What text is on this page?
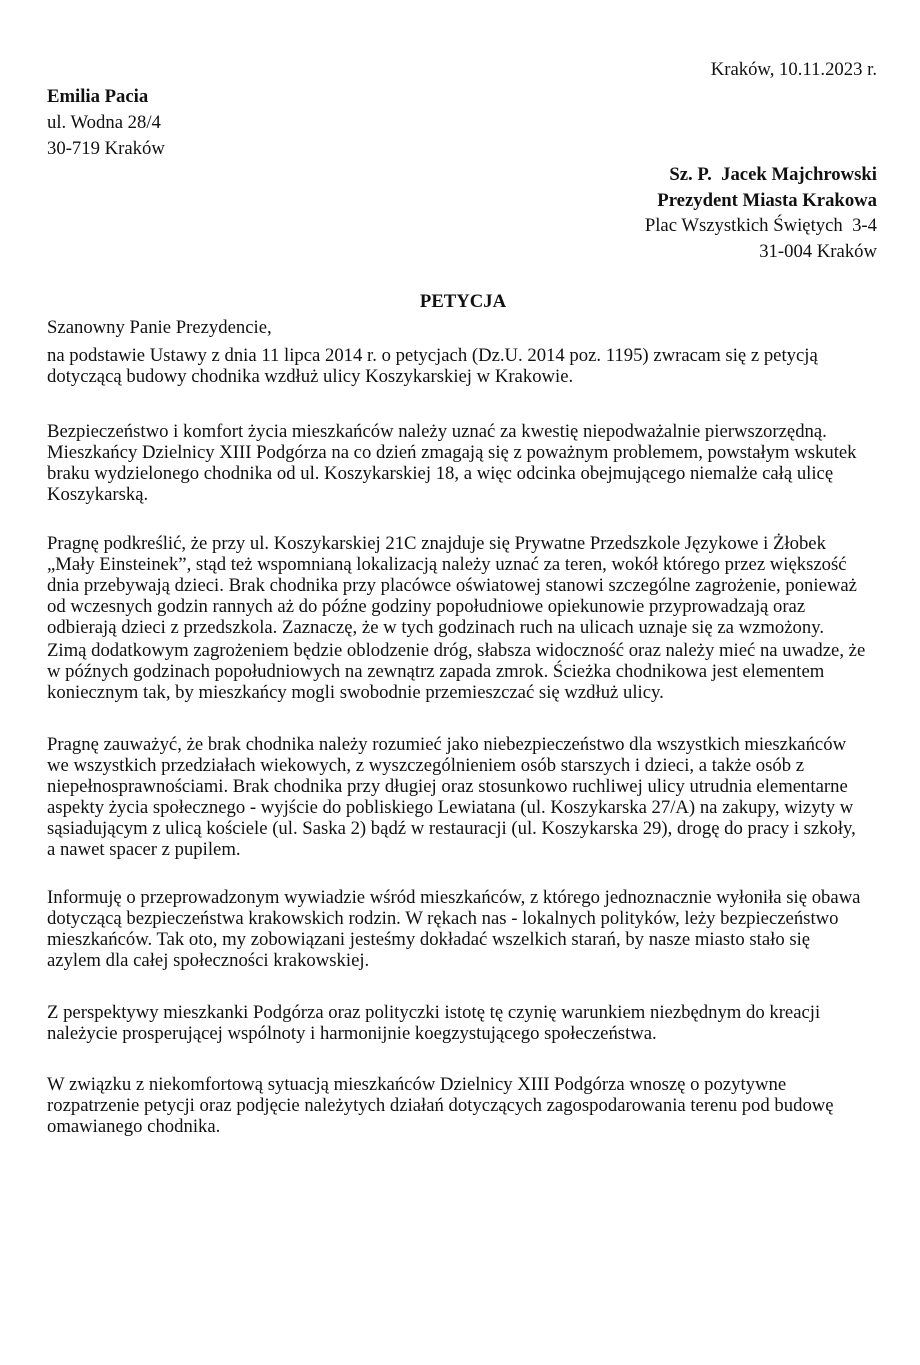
Kraków, 10.11.2023 r.
Emilia Pacia
ul. Wodna 28/4
30-719 Kraków
Sz. P.  Jacek Majchrowski
Prezydent Miasta Krakowa
Plac Wszystkich Świętych  3-4
31-004 Kraków
PETYCJA
Szanowny Panie Prezydencie,
na podstawie Ustawy z dnia 11 lipca 2014 r. o petycjach (Dz.U. 2014 poz. 1195) zwracam się z petycją
dotyczącą budowy chodnika wzdłuż ulicy Koszykarskiej w Krakowie.
Bezpieczeństwo i komfort życia mieszkańców należy uznać za kwestię niepodważalnie pierwszorzędną.
Mieszkańcy Dzielnicy XIII Podgórza na co dzień zmagają się z poważnym problemem, powstałym wskutek
braku wydzielonego chodnika od ul. Koszykarskiej 18, a więc odcinka obejmującego niemalże całą ulicę
Koszykarską.
Pragnę podkreślić, że przy ul. Koszykarskiej 21C znajduje się Prywatne Przedszkole Językowe i Żłobek
„Mały Einsteinek”, stąd też wspomnianą lokalizacją należy uznać za teren, wokół którego przez większość
dnia przebywają dzieci. Brak chodnika przy placówce oświatowej stanowi szczególne zagrożenie, ponieważ
od wczesnych godzin rannych aż do późne godziny popołudniowe opiekunowie przyprowadzają oraz
odbierają dzieci z przedszkola. Zaznaczę, że w tych godzinach ruch na ulicach uznaje się za wzmożony.
Zimą dodatkowym zagrożeniem będzie oblodzenie dróg, słabsza widoczność oraz należy mieć na uwadze, że
w późnych godzinach popołudniowych na zewnątrz zapada zmrok. Ścieżka chodnikowa jest elementem
koniecznym tak, by mieszkańcy mogli swobodnie przemieszczać się wzdłuż ulicy.
Pragnę zauważyć, że brak chodnika należy rozumieć jako niebezpieczeństwo dla wszystkich mieszkańców
we wszystkich przedziałach wiekowych, z wyszczególnieniem osób starszych i dzieci, a także osób z
niepełnosprawnościami. Brak chodnika przy długiej oraz stosunkowo ruchliwej ulicy utrudnia elementarne
aspekty życia społecznego - wyjście do pobliskiego Lewiatana (ul. Koszykarska 27/A) na zakupy, wizyty w
sąsiadującym z ulicą kościele (ul. Saska 2) bądź w restauracji (ul. Koszykarska 29), drogę do pracy i szkoły,
a nawet spacer z pupilem.
Informuję o przeprowadzonym wywiadzie wśród mieszkańców, z którego jednoznacznie wyłoniła się obawa
dotyczącą bezpieczeństwa krakowskich rodzin. W rękach nas - lokalnych polityków, leży bezpieczeństwo
mieszkańców. Tak oto, my zobowiązani jesteśmy dokładać wszelkich starań, by nasze miasto stało się
azylem dla całej społeczności krakowskiej.
Z perspektywy mieszkanki Podgórza oraz polityczki istotę tę czynię warunkiem niezbędnym do kreacji
należycie prosperującej wspólnoty i harmonijnie koegzystującego społeczeństwa.
W związku z niekomfortową sytuacją mieszkańców Dzielnicy XIII Podgórza wnoszę o pozytywne
rozpatrzenie petycji oraz podjęcie należytych działań dotyczących zagospodarowania terenu pod budowę
omawianego chodnika.
